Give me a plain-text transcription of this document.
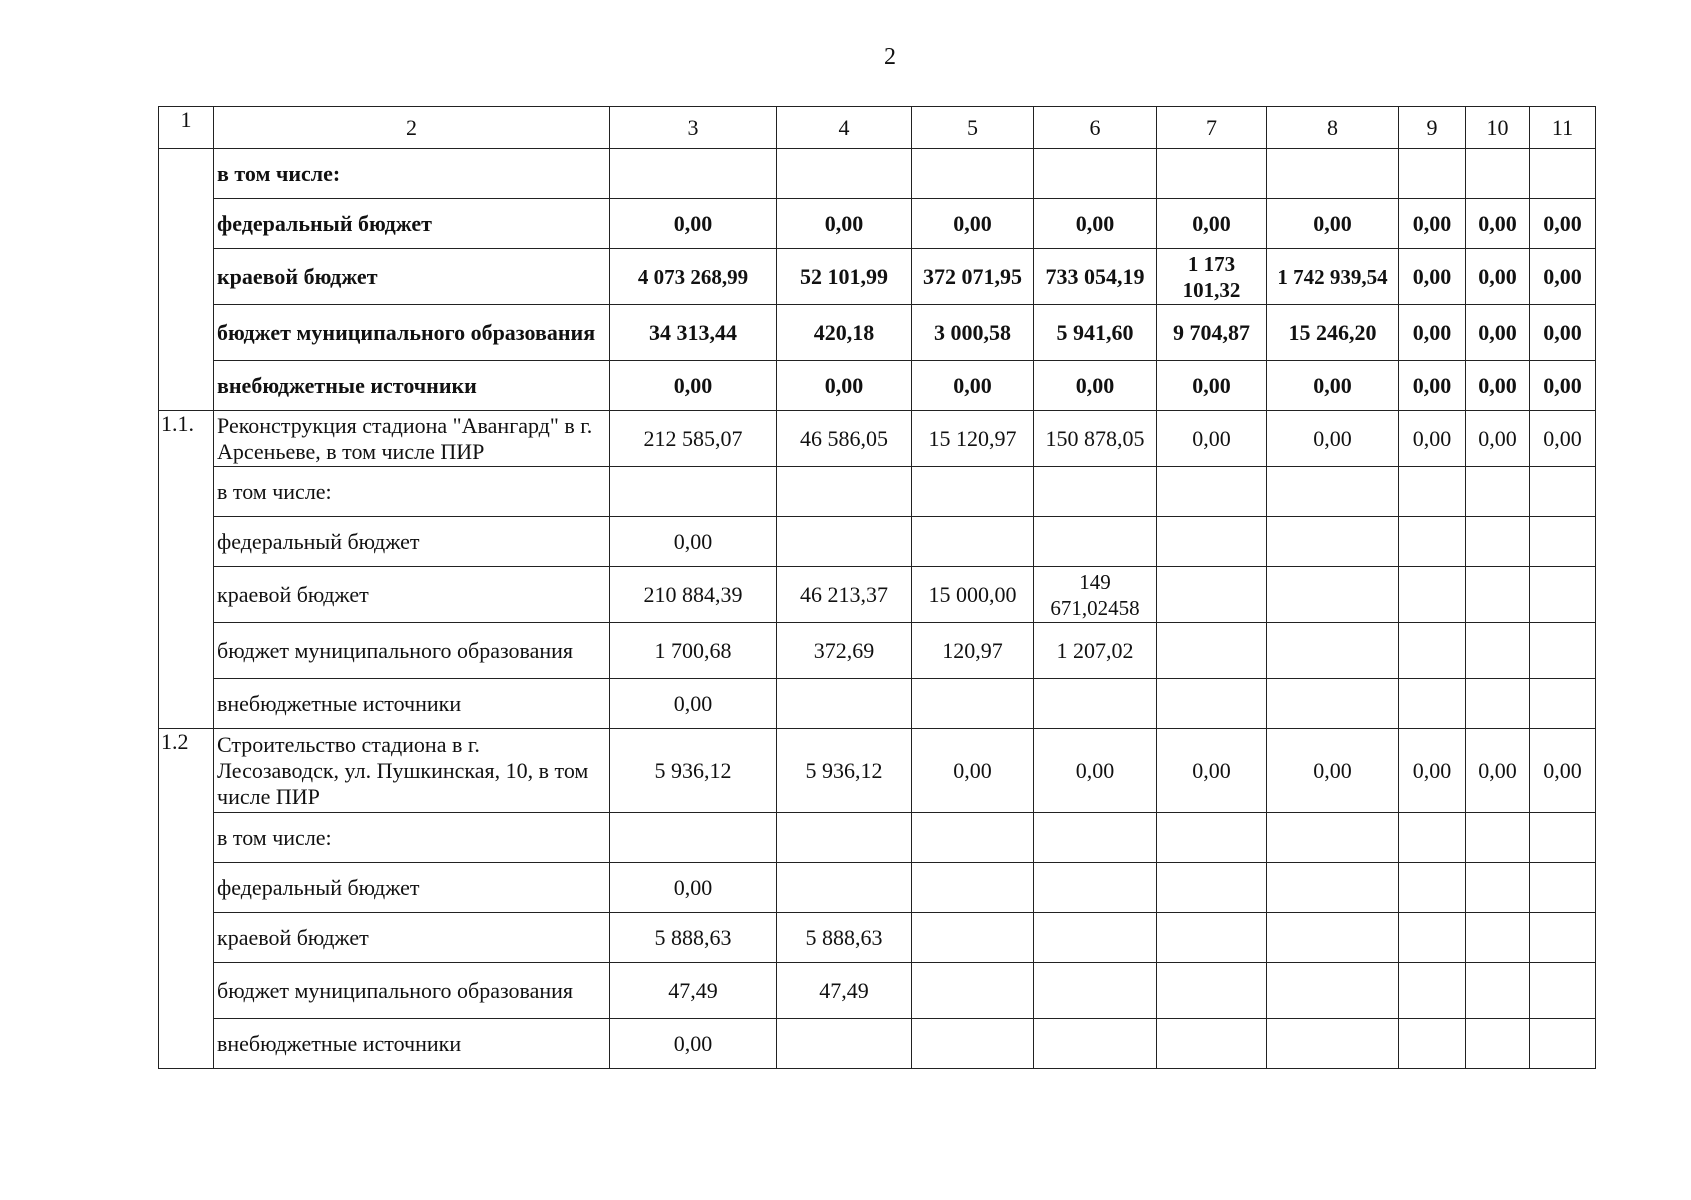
2
1	2	3	4	5	6	7	8	9	10	11
	в том числе:									
	федеральный бюджет	0,00	0,00	0,00	0,00	0,00	0,00	0,00	0,00	0,00
	краевой бюджет	4 073 268,99	52 101,99	372 071,95	733 054,19	1 173 101,32	1 742 939,54	0,00	0,00	0,00
	бюджет муниципального образования	34 313,44	420,18	3 000,58	5 941,60	9 704,87	15 246,20	0,00	0,00	0,00
	внебюджетные источники	0,00	0,00	0,00	0,00	0,00	0,00	0,00	0,00	0,00
1.1.	Реконструкция стадиона "Авангард" в г. Арсеньеве, в том числе ПИР	212 585,07	46 586,05	15 120,97	150 878,05	0,00	0,00	0,00	0,00	0,00
	в том числе:									
	федеральный бюджет	0,00								
	краевой бюджет	210 884,39	46 213,37	15 000,00	149 671,02458					
	бюджет муниципального образования	1 700,68	372,69	120,97	1 207,02					
	внебюджетные источники	0,00								
1.2	Строительство стадиона в г. Лесозаводск, ул. Пушкинская, 10, в том числе ПИР	5 936,12	5 936,12	0,00	0,00	0,00	0,00	0,00	0,00	0,00
	в том числе:									
	федеральный бюджет	0,00								
	краевой бюджет	5 888,63	5 888,63							
	бюджет муниципального образования	47,49	47,49							
	внебюджетные источники	0,00								
